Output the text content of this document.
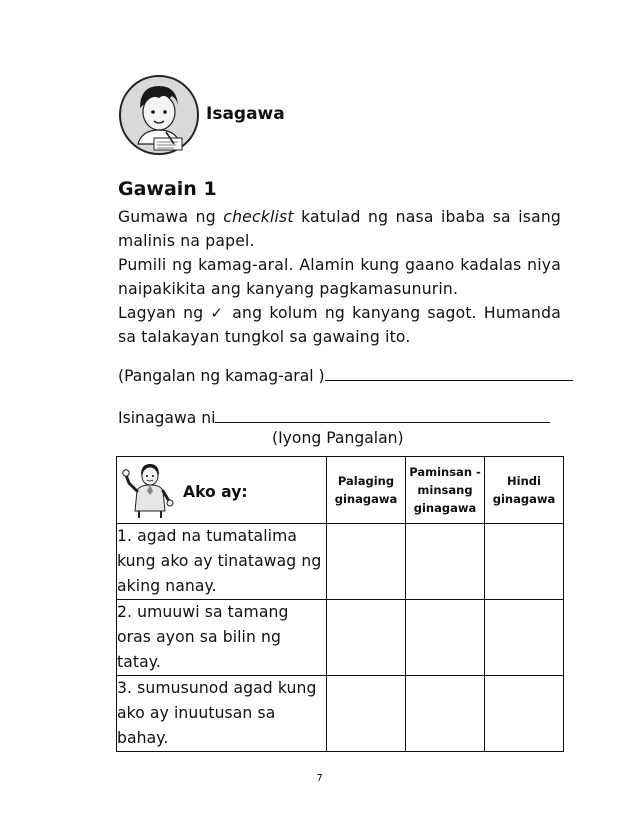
Isagawa
Gawain 1

Gumawa ng checklist katulad ng nasa ibaba sa isang malinis na papel.

Pumili ng kamag-aral. Alamin kung gaano kadalas niya naipakikita ang kanyang pagkamasunurin.

Lagyan ng ✓ ang kolum ng kanyang sagot. Humanda sa talakayan tungkol sa gawaing ito.

(Pangalan ng kamag-aral )
Isinagawa ni
(Iyong Pangalan)
Ako ay:	Palaging ginagawa	Paminsan -minsang ginagawa	Hindi ginagawa
1. agad na tumatalima kung ako ay tinatawag ng aking nanay.			
2. umuuwi sa tamang oras ayon sa bilin ng tatay.			
3. sumusunod agad kung ako ay inuutusan sa bahay.			
7
